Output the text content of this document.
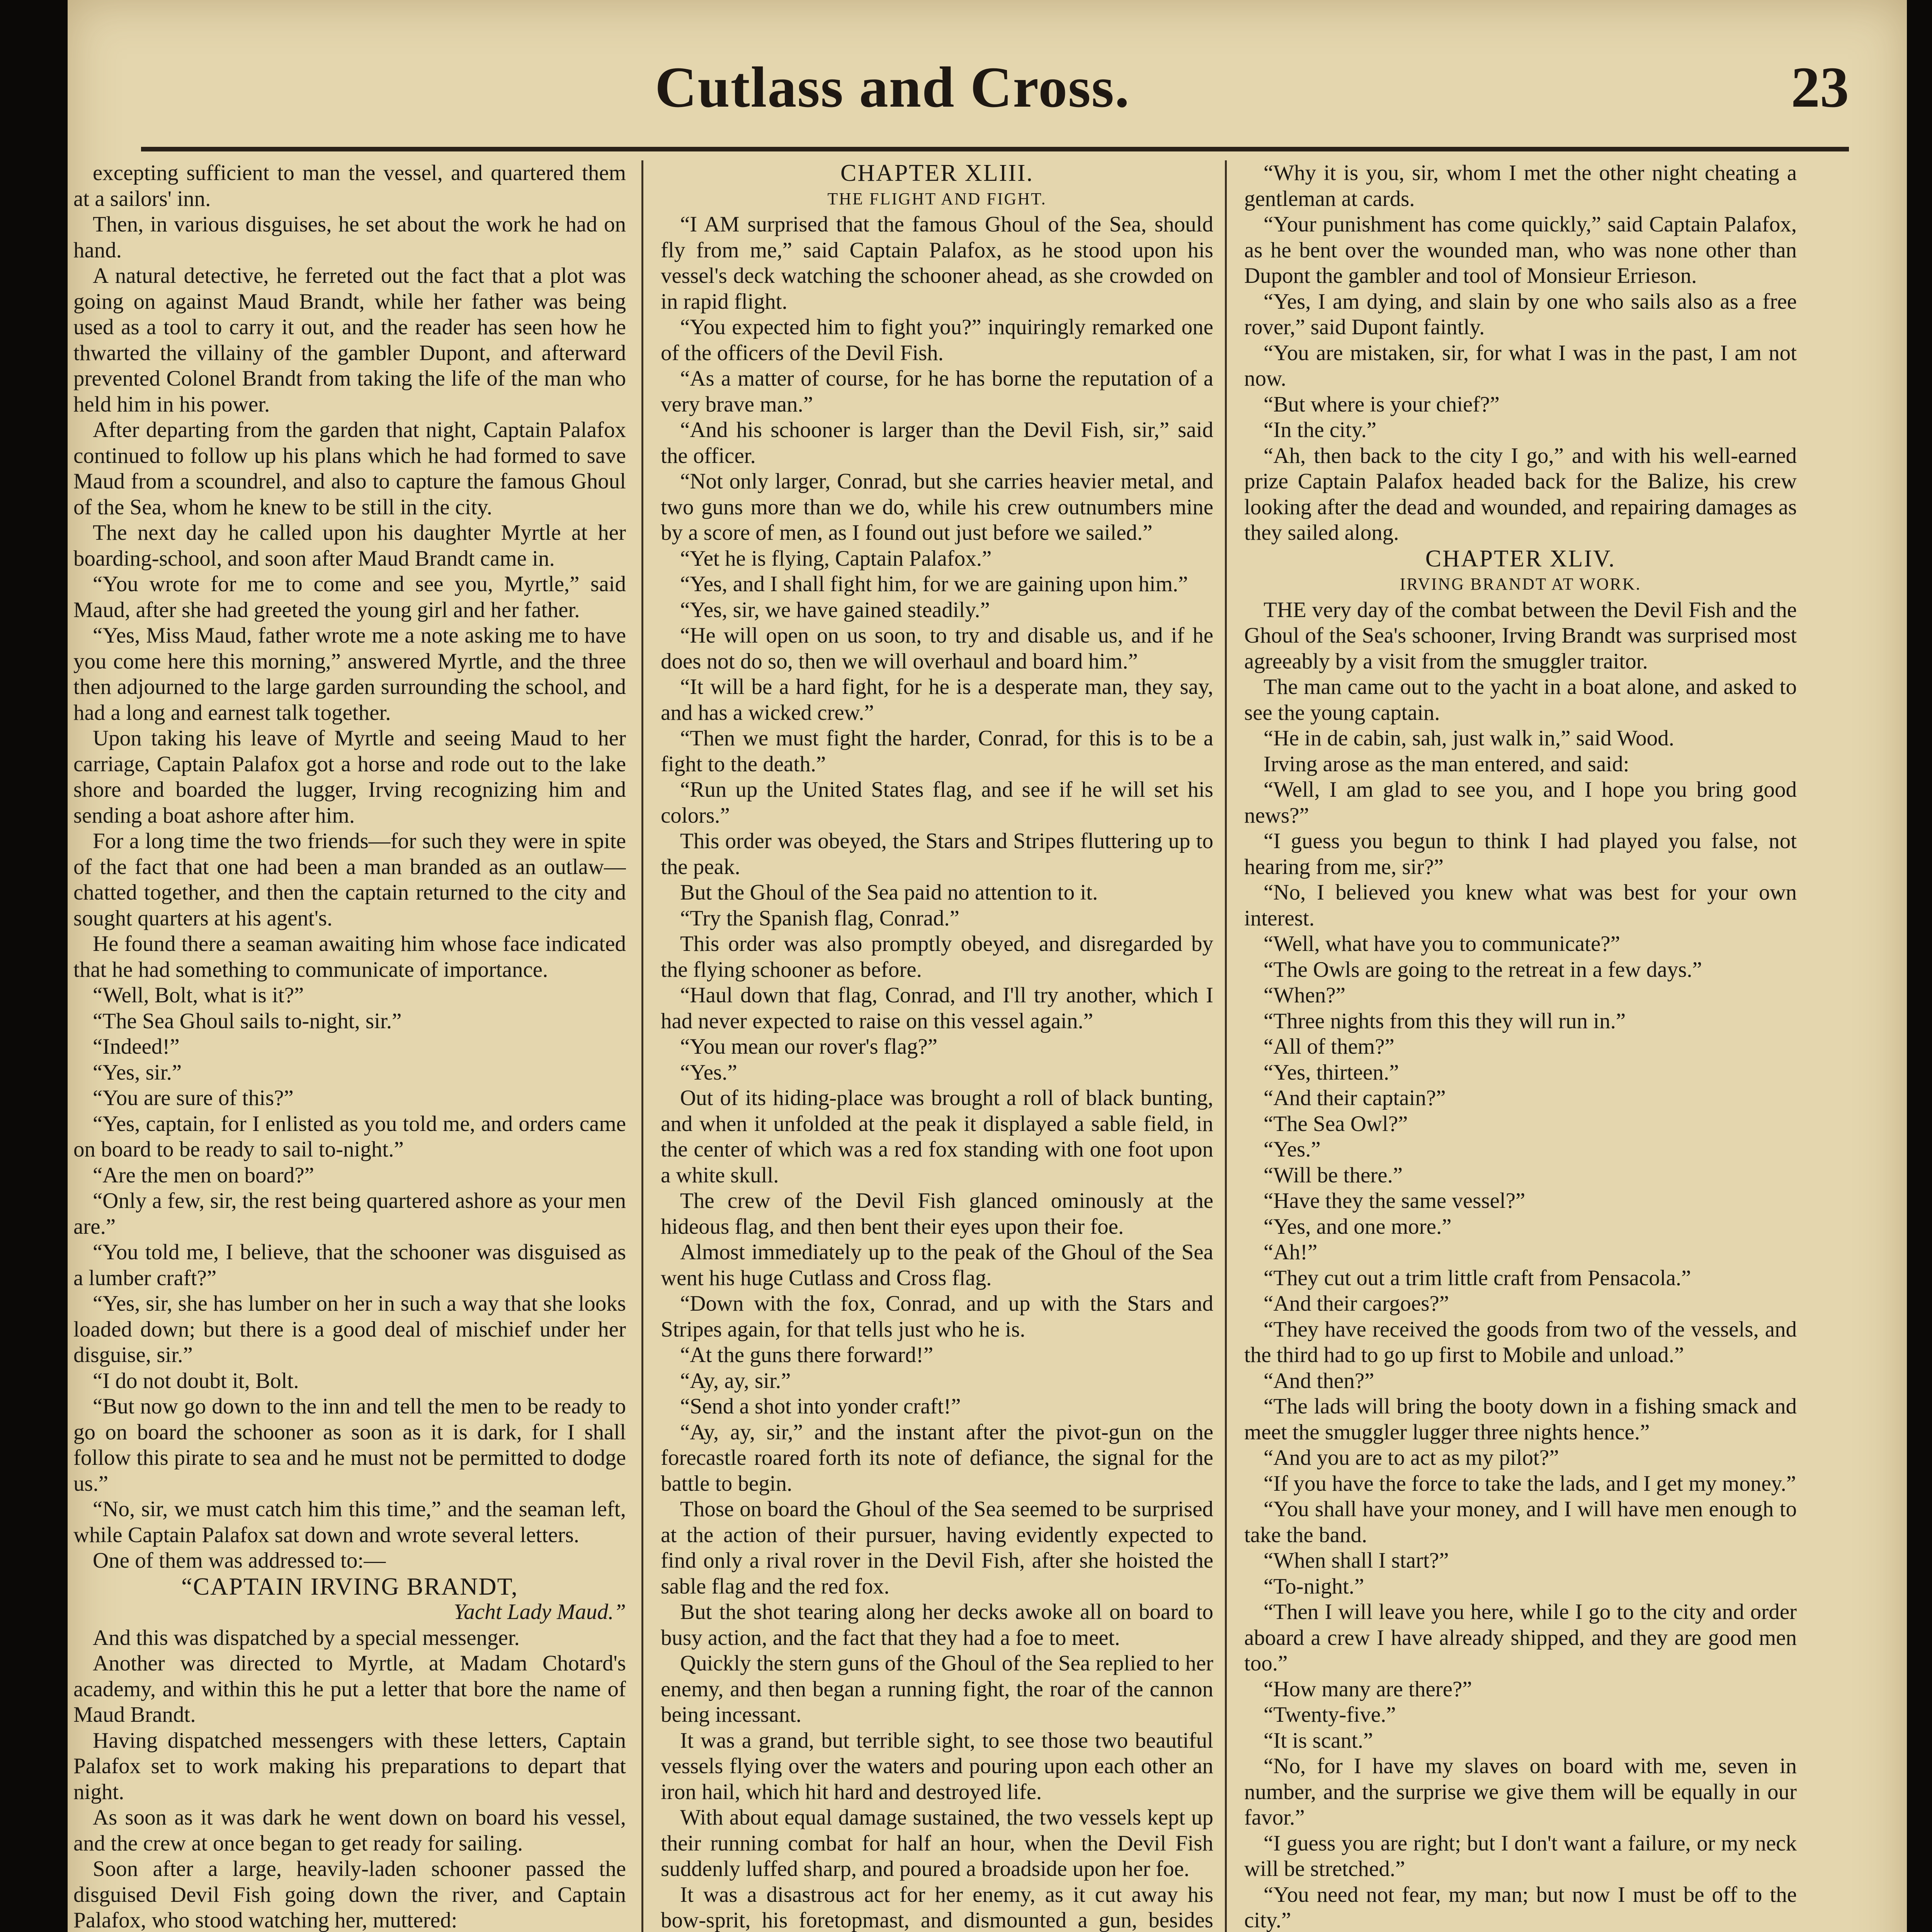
Cutlass and Cross.	23

excepting sufficient to man the vessel, and quartered them at a sailors' inn.

Then, in various disguises, he set about the work he had on hand.

A natural detective, he ferreted out the fact that a plot was going on against Maud Brandt, while her father was being used as a tool to carry it out, and the reader has seen how he thwarted the villainy of the gambler Dupont, and afterward prevented Colonel Brandt from taking the life of the man who held him in his power.

After departing from the garden that night, Captain Palafox continued to follow up his plans which he had formed to save Maud from a scoundrel, and also to capture the famous Ghoul of the Sea, whom he knew to be still in the city.

The next day he called upon his daughter Myrtle at her boarding-school, and soon after Maud Brandt came in.

“You wrote for me to come and see you, Myrtle,” said Maud, after she had greeted the young girl and her father.

“Yes, Miss Maud, father wrote me a note asking me to have you come here this morning,” answered Myrtle, and the three then adjourned to the large garden surrounding the school, and had a long and earnest talk together.

Upon taking his leave of Myrtle and seeing Maud to her carriage, Captain Palafox got a horse and rode out to the lake shore and boarded the lugger, Irving recognizing him and sending a boat ashore after him.

For a long time the two friends—for such they were in spite of the fact that one had been a man branded as an outlaw—chatted together, and then the captain returned to the city and sought quarters at his agent's.

He found there a seaman awaiting him whose face indicated that he had something to communicate of importance.

“Well, Bolt, what is it?”

“The Sea Ghoul sails to-night, sir.”

“Indeed!”

“Yes, sir.”

“You are sure of this?”

“Yes, captain, for I enlisted as you told me, and orders came on board to be ready to sail to-night.”

“Are the men on board?”

“Only a few, sir, the rest being quartered ashore as your men are.”

“You told me, I believe, that the schooner was disguised as a lumber craft?”

“Yes, sir, she has lumber on her in such a way that she looks loaded down; but there is a good deal of mischief under her disguise, sir.”

“I do not doubt it, Bolt.

“But now go down to the inn and tell the men to be ready to go on board the schooner as soon as it is dark, for I shall follow this pirate to sea and he must not be permitted to dodge us.”

“No, sir, we must catch him this time,” and the seaman left, while Captain Palafox sat down and wrote several letters.

One of them was addressed to:—

“CAPTAIN IRVING BRANDT,

Yacht Lady Maud.”

And this was dispatched by a special messenger.

Another was directed to Myrtle, at Madam Chotard's academy, and within this he put a letter that bore the name of Maud Brandt.

Having dispatched messengers with these letters, Captain Palafox set to work making his preparations to depart that night.

As soon as it was dark he went down on board his vessel, and the crew at once began to get ready for sailing.

Soon after a large, heavily-laden schooner passed the disguised Devil Fish going down the river, and Captain Palafox, who stood watching her, muttered:

CHAPTER XLIII.

THE FLIGHT AND FIGHT.

“I AM surprised that the famous Ghoul of the Sea, should fly from me,” said Captain Palafox, as he stood upon his vessel's deck watching the schooner ahead, as she crowded on in rapid flight.

“You expected him to fight you?” inquiringly remarked one of the officers of the Devil Fish.

“As a matter of course, for he has borne the reputation of a very brave man.”

“And his schooner is larger than the Devil Fish, sir,” said the officer.

“Not only larger, Conrad, but she carries heavier metal, and two guns more than we do, while his crew outnumbers mine by a score of men, as I found out just before we sailed.”

“Yet he is flying, Captain Palafox.”

“Yes, and I shall fight him, for we are gaining upon him.”

“Yes, sir, we have gained steadily.”

“He will open on us soon, to try and disable us, and if he does not do so, then we will overhaul and board him.”

“It will be a hard fight, for he is a desperate man, they say, and has a wicked crew.”

“Then we must fight the harder, Conrad, for this is to be a fight to the death.”

“Run up the United States flag, and see if he will set his colors.”

This order was obeyed, the Stars and Stripes fluttering up to the peak.

But the Ghoul of the Sea paid no attention to it.

“Try the Spanish flag, Conrad.”

This order was also promptly obeyed, and disregarded by the flying schooner as before.

“Haul down that flag, Conrad, and I'll try another, which I had never expected to raise on this vessel again.”

“You mean our rover's flag?”

“Yes.”

Out of its hiding-place was brought a roll of black bunting, and when it unfolded at the peak it displayed a sable field, in the center of which was a red fox standing with one foot upon a white skull.

The crew of the Devil Fish glanced ominously at the hideous flag, and then bent their eyes upon their foe.

Almost immediately up to the peak of the Ghoul of the Sea went his huge Cutlass and Cross flag.

“Down with the fox, Conrad, and up with the Stars and Stripes again, for that tells just who he is.

“At the guns there forward!”

“Ay, ay, sir.”

“Send a shot into yonder craft!”

“Ay, ay, sir,” and the instant after the pivot-gun on the forecastle roared forth its note of defiance, the signal for the battle to begin.

Those on board the Ghoul of the Sea seemed to be surprised at the action of their pursuer, having evidently expected to find only a rival rover in the Devil Fish, after she hoisted the sable flag and the red fox.

But the shot tearing along her decks awoke all on board to busy action, and the fact that they had a foe to meet.

Quickly the stern guns of the Ghoul of the Sea replied to her enemy, and then began a running fight, the roar of the cannon being incessant.

It was a grand, but terrible sight, to see those two beautiful vessels flying over the waters and pouring upon each other an iron hail, which hit hard and destroyed life.

With about equal damage sustained, the two vessels kept up their running combat for half an hour, when the Devil Fish suddenly luffed sharp, and poured a broadside upon her foe.

It was a disastrous act for her enemy, as it cut away his bow-sprit, his foretopmast, and dismounted a gun, besides

“Why it is you, sir, whom I met the other night cheating a gentleman at cards.

“Your punishment has come quickly,” said Captain Palafox, as he bent over the wounded man, who was none other than Dupont the gambler and tool of Monsieur Errieson.

“Yes, I am dying, and slain by one who sails also as a free rover,” said Dupont faintly.

“You are mistaken, sir, for what I was in the past, I am not now.

“But where is your chief?”

“In the city.”

“Ah, then back to the city I go,” and with his well-earned prize Captain Palafox headed back for the Balize, his crew looking after the dead and wounded, and repairing damages as they sailed along.

CHAPTER XLIV.

IRVING BRANDT AT WORK.

THE very day of the combat between the Devil Fish and the Ghoul of the Sea's schooner, Irving Brandt was surprised most agreeably by a visit from the smuggler traitor.

The man came out to the yacht in a boat alone, and asked to see the young captain.

“He in de cabin, sah, just walk in,” said Wood.

Irving arose as the man entered, and said:

“Well, I am glad to see you, and I hope you bring good news?”

“I guess you begun to think I had played you false, not hearing from me, sir?”

“No, I believed you knew what was best for your own interest.

“Well, what have you to communicate?”

“The Owls are going to the retreat in a few days.”

“When?”

“Three nights from this they will run in.”

“All of them?”

“Yes, thirteen.”

“And their captain?”

“The Sea Owl?”

“Yes.”

“Will be there.”

“Have they the same vessel?”

“Yes, and one more.”

“Ah!”

“They cut out a trim little craft from Pensacola.”

“And their cargoes?”

“They have received the goods from two of the vessels, and the third had to go up first to Mobile and unload.”

“And then?”

“The lads will bring the booty down in a fishing smack and meet the smuggler lugger three nights hence.”

“And you are to act as my pilot?”

“If you have the force to take the lads, and I get my money.”

“You shall have your money, and I will have men enough to take the band.

“When shall I start?”

“To-night.”

“Then I will leave you here, while I go to the city and order aboard a crew I have already shipped, and they are good men too.”

“How many are there?”

“Twenty-five.”

“It is scant.”

“No, for I have my slaves on board with me, seven in number, and the surprise we give them will be equally in our favor.”

“I guess you are right; but I don't want a failure, or my neck will be stretched.”

“You need not fear, my man; but now I must be off to the city.”
